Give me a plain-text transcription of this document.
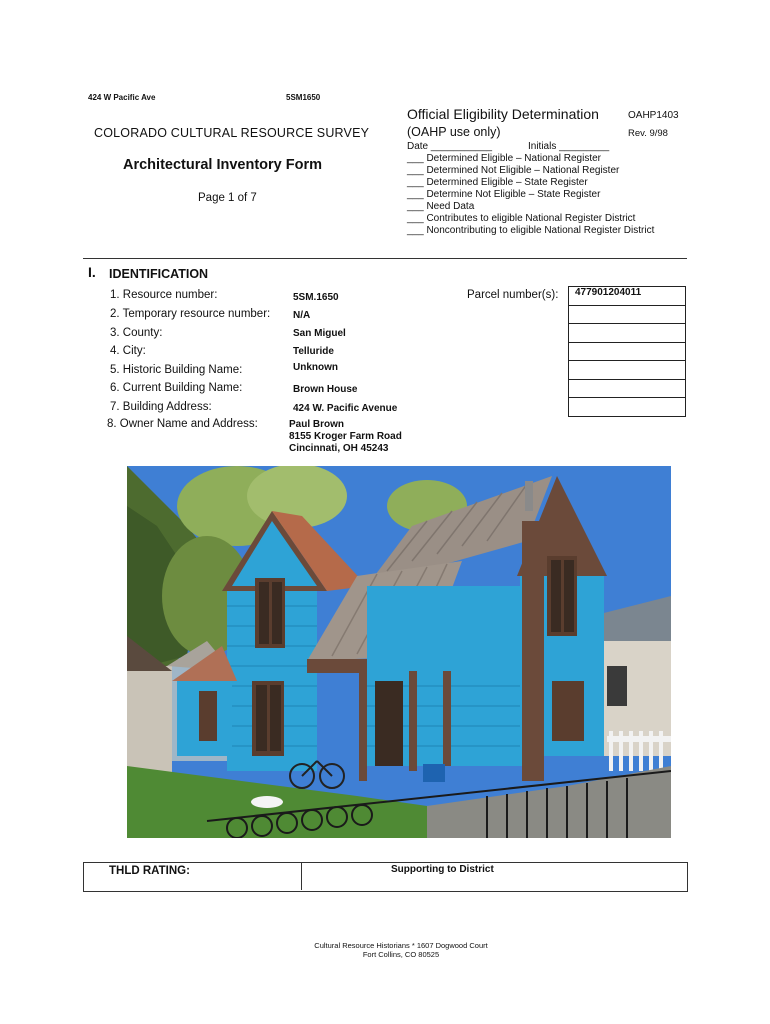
424 W Pacific Ave	5SM1650
Official Eligibility Determination	OAHP1403
(OAHP use only)	Rev. 9/98
Date ___________	Initials _________
___ Determined Eligible – National Register
___ Determined Not Eligible – National Register
___ Determined Eligible – State Register
___ Determine Not Eligible – State Register
___ Need Data
___ Contributes to eligible National Register District
___ Noncontributing to eligible National Register District
COLORADO CULTURAL RESOURCE SURVEY
Architectural Inventory Form
Page 1 of 7
I. IDENTIFICATION
1. Resource number:	5SM.1650
2. Temporary resource number: N/A
3. County:	San Miguel
4. City:	Telluride
5. Historic Building Name:	Unknown
6. Current Building Name:	Brown House
7. Building Address:	424 W. Pacific Avenue
8. Owner Name and Address:	Paul Brown
8155 Kroger Farm Road
Cincinnati, OH 45243
Parcel number(s): 477901204011

THLD RATING:	Supporting to District
Cultural Resource Historians * 1607 Dogwood Court
Fort Collins, CO 80525
